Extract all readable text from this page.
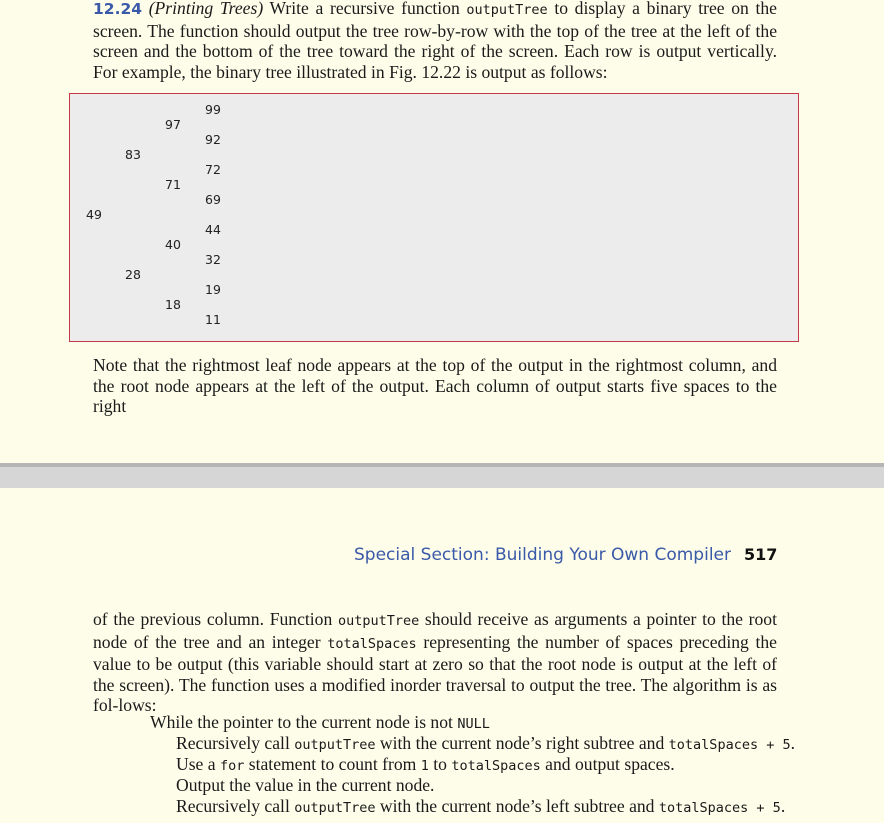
12.24 (Printing Trees) Write a recursive function outputTree to display a binary tree on the screen. The function should output the tree row-by-row with the top of the tree at the left of the screen and the bottom of the tree toward the right of the screen. Each row is output vertically. For example, the binary tree illustrated in Fig. 12.22 is output as follows:

99
97
92
83
72
71
69
49
44
40
32
28
19
18
11

Note that the rightmost leaf node appears at the top of the output in the rightmost column, and the root node appears at the left of the output. Each column of output starts five spaces to the right

Special Section: Building Your Own Compiler 517

of the previous column. Function outputTree should receive as arguments a pointer to the root node of the tree and an integer totalSpaces representing the number of spaces preceding the value to be output (this variable should start at zero so that the root node is output at the left of the screen). The function uses a modified inorder traversal to output the tree. The algorithm is as fol-lows:

While the pointer to the current node is not NULL

Recursively call outputTree with the current node’s right subtree and totalSpaces + 5.

Use a for statement to count from 1 to totalSpaces and output spaces.

Output the value in the current node.

Recursively call outputTree with the current node’s left subtree and totalSpaces + 5.
